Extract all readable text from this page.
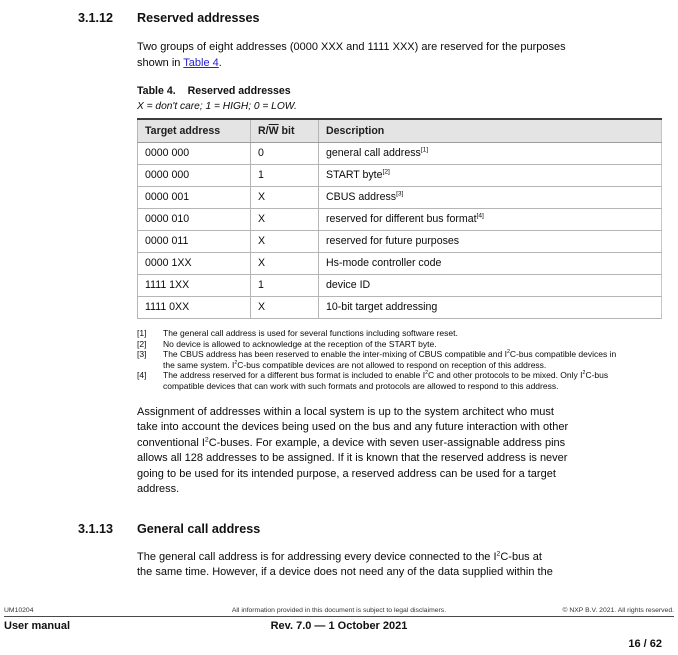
3.1.12	Reserved addresses

Two groups of eight addresses (0000 XXX and 1111 XXX) are reserved for the purposes
shown in Table 4.

Table 4. Reserved addresses
X = don't care; 1 = HIGH; 0 = LOW.
Target address	$R/\overline{W}$ bit	Description
0000 000	0	general call address[1]
0000 000	1	START byte[2]
0000 001	X	CBUS address[3]
0000 010	X	reserved for different bus format[4]
0000 011	X	reserved for future purposes
0000 1XX	X	Hs-mode controller code
1111 1XX	1	device ID
1111 0XX	X	10-bit target addressing
[1]	The general call address is used for several functions including software reset.
[2]	No device is allowed to acknowledge at the reception of the START byte.
[3]	The CBUS address has been reserved to enable the inter-mixing of CBUS compatible and $I^2C$-bus compatible devices in
the same system. $I^2C$-bus compatible devices are not allowed to respond on reception of this address.
[4]	The address reserved for a different bus format is included to enable $I^2C$ and other protocols to be mixed. Only $I^2C$-bus
compatible devices that can work with such formats and protocols are allowed to respond to this address.

Assignment of addresses within a local system is up to the system architect who must
take into account the devices being used on the bus and any future interaction with other
conventional $I^2C$-buses. For example, a device with seven user-assignable address pins
allows all 128 addresses to be assigned. If it is known that the reserved address is never
going to be used for its intended purpose, a reserved address can be used for a target
address.

3.1.13	General call address

The general call address is for addressing every device connected to the $I^2C$-bus at
the same time. However, if a device does not need any of the data supplied within the

UM10204	All information provided in this document is subject to legal disclaimers.	© NXP B.V. 2021. All rights reserved.
User manual	Rev. 7.0 — 1 October 2021
16 / 62
